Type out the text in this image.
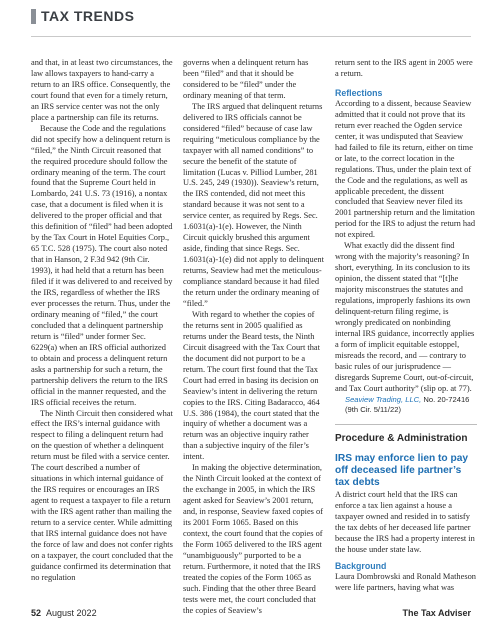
TAX TRENDS

and that, in at least two circumstances, the law allows taxpayers to hand-carry a return to an IRS office. Consequently, the court found that even for a timely return, an IRS service center was not the only place a partnership can file its returns.

Because the Code and the regulations did not specify how a delinquent return is “filed,” the Ninth Circuit reasoned that the required procedure should follow the ordinary meaning of the term. The court found that the Supreme Court held in Lombardo, 241 U.S. 73 (1916), a nontax case, that a document is filed when it is delivered to the proper official and that this definition of “filed” had been adopted by the Tax Court in Hotel Equities Corp., 65 T.C. 528 (1975). The court also noted that in Hanson, 2 F.3d 942 (9th Cir. 1993), it had held that a return has been filed if it was delivered to and received by the IRS, regardless of whether the IRS ever processes the return. Thus, under the ordinary meaning of “filed,” the court concluded that a delinquent partnership return is “filed” under former Sec. 6229(a) when an IRS official authorized to obtain and process a delinquent return asks a partnership for such a return, the partnership delivers the return to the IRS official in the manner requested, and the IRS official receives the return.

The Ninth Circuit then considered what effect the IRS’s internal guidance with respect to filing a delinquent return had on the question of whether a delinquent return must be filed with a service center. The court described a number of situations in which internal guidance of the IRS requires or encourages an IRS agent to request a taxpayer to file a return with the IRS agent rather than mailing the return to a service center. While admitting that IRS internal guidance does not have the force of law and does not confer rights on a taxpayer, the court concluded that the guidance confirmed its determination that no regulation

governs when a delinquent return has been “filed” and that it should be considered to be “filed” under the ordinary meaning of that term.

The IRS argued that delinquent returns delivered to IRS officials cannot be considered “filed” because of case law requiring “meticulous compliance by the taxpayer with all named conditions” to secure the benefit of the statute of limitation (Lucas v. Pilliod Lumber, 281 U.S. 245, 249 (1930)). Seaview’s return, the IRS contended, did not meet this standard because it was not sent to a service center, as required by Regs. Sec. 1.6031(a)-1(e). However, the Ninth Circuit quickly brushed this argument aside, finding that since Regs. Sec. 1.6031(a)-1(e) did not apply to delinquent returns, Seaview had met the meticulous-compliance standard because it had filed the return under the ordinary meaning of “filed.”

With regard to whether the copies of the returns sent in 2005 qualified as returns under the Beard tests, the Ninth Circuit disagreed with the Tax Court that the document did not purport to be a return. The court first found that the Tax Court had erred in basing its decision on Seaview’s intent in delivering the return copies to the IRS. Citing Badaracco, 464 U.S. 386 (1984), the court stated that the inquiry of whether a document was a return was an objective inquiry rather than a subjective inquiry of the filer’s intent.

In making the objective determination, the Ninth Circuit looked at the context of the exchange in 2005, in which the IRS agent asked for Seaview’s 2001 return, and, in response, Seaview faxed copies of its 2001 Form 1065. Based on this context, the court found that the copies of the Form 1065 delivered to the IRS agent “unambiguously” purported to be a return. Furthermore, it noted that the IRS treated the copies of the Form 1065 as such. Finding that the other three Beard tests were met, the court concluded that the copies of Seaview’s

return sent to the IRS agent in 2005 were a return.

Reflections

According to a dissent, because Seaview admitted that it could not prove that its return ever reached the Ogden service center, it was undisputed that Seaview had failed to file its return, either on time or late, to the correct location in the regulations. Thus, under the plain text of the Code and the regulations, as well as applicable precedent, the dissent concluded that Seaview never filed its 2001 partnership return and the limitation period for the IRS to adjust the return had not expired.

What exactly did the dissent find wrong with the majority’s reasoning? In short, everything. In its conclusion to its opinion, the dissent stated that “[t]he majority misconstrues the statutes and regulations, improperly fashions its own delinquent-return filing regime, is wrongly predicated on nonbinding internal IRS guidance, incorrectly applies a form of implicit equitable estoppel, misreads the record, and — contrary to basic rules of our jurisprudence — disregards Supreme Court, out-of-circuit, and Tax Court authority” (slip op. at 77).

Seaview Trading, LLC, No. 20-72416 (9th Cir. 5/11/22)

Procedure & Administration
IRS may enforce lien to pay off deceased life partner’s tax debts

A district court held that the IRS can enforce a tax lien against a house a taxpayer owned and resided in to satisfy the tax debts of her deceased life partner because the IRS had a property interest in the house under state law.

Background

Laura Dombrowski and Ronald Matheson were life partners, having what was

52 August 2022	The Tax Adviser
